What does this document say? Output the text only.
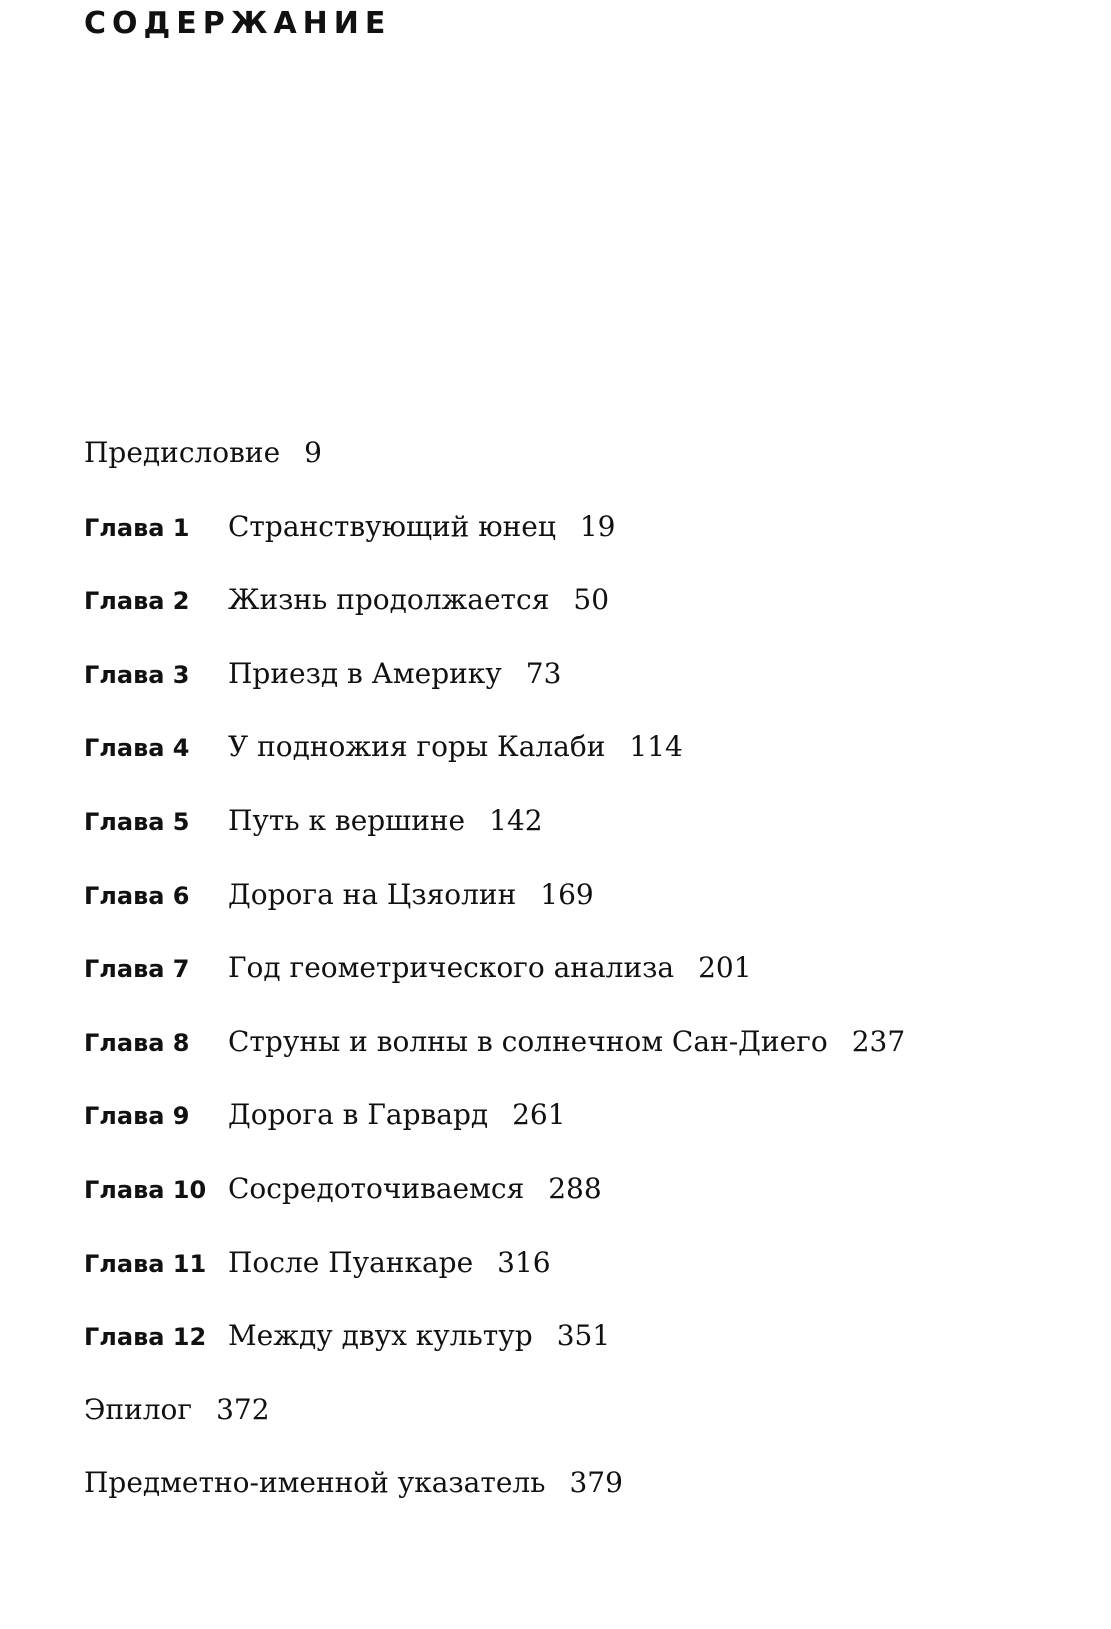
СОДЕРЖАНИЕ
Предисловие 9
Глава 1	Странствующий юнец 19
Глава 2	Жизнь продолжается 50
Глава 3	Приезд в Америку 73
Глава 4	У подножия горы Калаби 114
Глава 5	Путь к вершине 142
Глава 6	Дорога на Цзяолин 169
Глава 7	Год геометрического анализа 201
Глава 8	Струны и волны в солнечном Сан-Диего 237
Глава 9	Дорога в Гарвард 261
Глава 10 Сосредоточиваемся 288
Глава 11 После Пуанкаре 316
Глава 12 Между двух культур 351
Эпилог 372
Предметно-именной указатель 379
